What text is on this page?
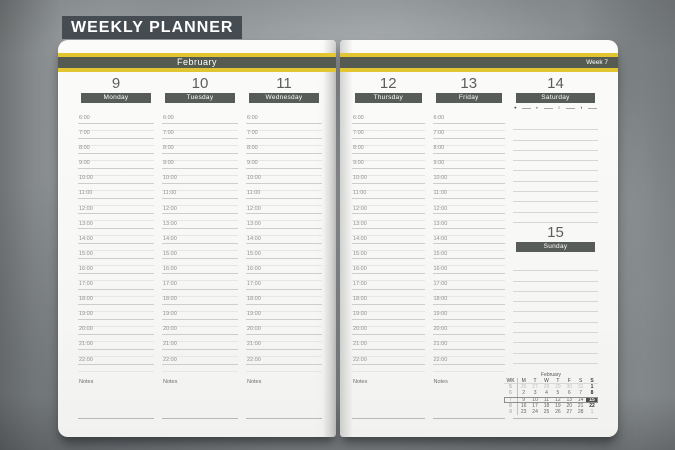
WEEKLY PLANNER
February
9
Monday
6:00
7:00
8:00
9:00
10:00
11:00
12:00
13:00
14:00
15:00
16:00
17:00
18:00
19:00
20:00
21:00
22:00
Notes
10
Tuesday
6:00
7:00
8:00
9:00
10:00
11:00
12:00
13:00
14:00
15:00
16:00
17:00
18:00
19:00
20:00
21:00
22:00
Notes
11
Wednesday
6:00
7:00
8:00
9:00
10:00
11:00
12:00
13:00
14:00
15:00
16:00
17:00
18:00
19:00
20:00
21:00
22:00
Notes
Week 7
12
Thursday
6:00
7:00
8:00
9:00
10:00
11:00
12:00
13:00
14:00
15:00
16:00
17:00
18:00
19:00
20:00
21:00
22:00
Notes
13
Friday
6:00
7:00
8:00
9:00
10:00
11:00
12:00
13:00
14:00
15:00
16:00
17:00
18:00
19:00
20:00
21:00
22:00
Notes
14
Saturday
●	◐	○	◑
15
Sunday
February
WK	M	T	W	T	F	S	S
5	26	27	28	29	30	31	1
6	2	3	4	5	6	7	8
7	9	10	11	12	13	14	15
8	16	17	18	19	20	21	22
9	23	24	25	26	27	28	1
